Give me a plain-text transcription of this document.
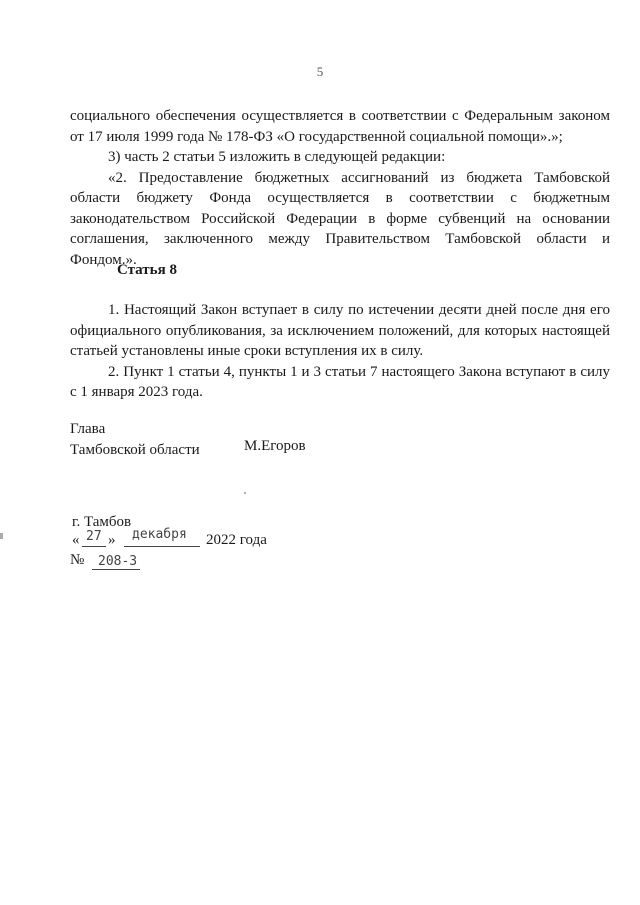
5

социального обеспечения осуществляется в соответствии с Федеральным законом от 17 июля 1999 года № 178-ФЗ «О государственной социальной помощи».»;

3) часть 2 статьи 5 изложить в следующей редакции:

«2. Предоставление бюджетных ассигнований из бюджета Тамбовской области бюджету Фонда осуществляется в соответствии с бюджетным законодательством Российской Федерации в форме субвенций на основании соглашения, заключенного между Правительством Тамбовской области и Фондом.».

Статья 8

1. Настоящий Закон вступает в силу по истечении десяти дней после дня его официального опубликования, за исключением положений, для которых настоящей статьей установлены иные сроки вступления их в силу.

2. Пункт 1 статьи 4, пункты 1 и 3 статьи 7 настоящего Закона вступают в силу с 1 января 2023 года.

Глава
Тамбовской области	М.Егоров
г. Тамбов
« 27 » декабря 2022 года
№ 208-З
